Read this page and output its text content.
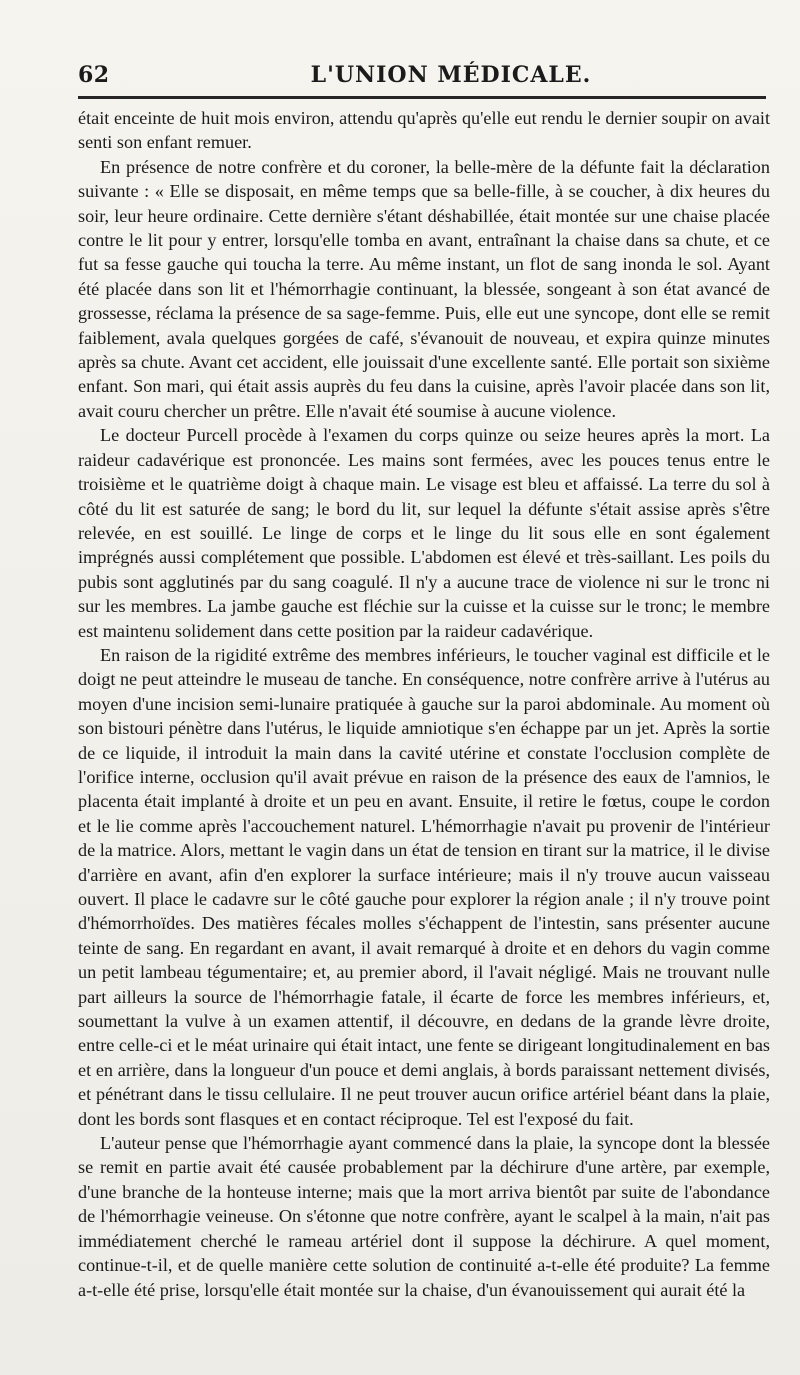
62	L'UNION MÉDICALE.

était enceinte de huit mois environ, attendu qu'après qu'elle eut rendu le dernier soupir on avait senti son enfant remuer.

En présence de notre confrère et du coroner, la belle-mère de la défunte fait la déclaration suivante : « Elle se disposait, en même temps que sa belle-fille, à se coucher, à dix heures du soir, leur heure ordinaire. Cette dernière s'étant déshabillée, était montée sur une chaise placée contre le lit pour y entrer, lorsqu'elle tomba en avant, entraînant la chaise dans sa chute, et ce fut sa fesse gauche qui toucha la terre. Au même instant, un flot de sang inonda le sol. Ayant été placée dans son lit et l'hémorrhagie continuant, la blessée, songeant à son état avancé de grossesse, réclama la présence de sa sage-femme. Puis, elle eut une syncope, dont elle se remit faiblement, avala quelques gorgées de café, s'évanouit de nouveau, et expira quinze minutes après sa chute. Avant cet accident, elle jouissait d'une excellente santé. Elle portait son sixième enfant. Son mari, qui était assis auprès du feu dans la cuisine, après l'avoir placée dans son lit, avait couru chercher un prêtre. Elle n'avait été soumise à aucune violence.

Le docteur Purcell procède à l'examen du corps quinze ou seize heures après la mort. La raideur cadavérique est prononcée. Les mains sont fermées, avec les pouces tenus entre le troisième et le quatrième doigt à chaque main. Le visage est bleu et affaissé. La terre du sol à côté du lit est saturée de sang; le bord du lit, sur lequel la défunte s'était assise après s'être relevée, en est souillé. Le linge de corps et le linge du lit sous elle en sont également imprégnés aussi complétement que possible. L'abdomen est élevé et très-saillant. Les poils du pubis sont agglutinés par du sang coagulé. Il n'y a aucune trace de violence ni sur le tronc ni sur les membres. La jambe gauche est fléchie sur la cuisse et la cuisse sur le tronc; le membre est maintenu solidement dans cette position par la raideur cadavérique.

En raison de la rigidité extrême des membres inférieurs, le toucher vaginal est difficile et le doigt ne peut atteindre le museau de tanche. En conséquence, notre confrère arrive à l'utérus au moyen d'une incision semi-lunaire pratiquée à gauche sur la paroi abdominale. Au moment où son bistouri pénètre dans l'utérus, le liquide amniotique s'en échappe par un jet. Après la sortie de ce liquide, il introduit la main dans la cavité utérine et constate l'occlusion complète de l'orifice interne, occlusion qu'il avait prévue en raison de la présence des eaux de l'amnios, le placenta était implanté à droite et un peu en avant. Ensuite, il retire le fœtus, coupe le cordon et le lie comme après l'accouchement naturel. L'hémorrhagie n'avait pu provenir de l'intérieur de la matrice. Alors, mettant le vagin dans un état de tension en tirant sur la matrice, il le divise d'arrière en avant, afin d'en explorer la surface intérieure; mais il n'y trouve aucun vaisseau ouvert. Il place le cadavre sur le côté gauche pour explorer la région anale ; il n'y trouve point d'hémorrhoïdes. Des matières fécales molles s'échappent de l'intestin, sans présenter aucune teinte de sang. En regardant en avant, il avait remarqué à droite et en dehors du vagin comme un petit lambeau tégumentaire; et, au premier abord, il l'avait négligé. Mais ne trouvant nulle part ailleurs la source de l'hémorrhagie fatale, il écarte de force les membres inférieurs, et, soumettant la vulve à un examen attentif, il découvre, en dedans de la grande lèvre droite, entre celle-ci et le méat urinaire qui était intact, une fente se dirigeant longitudinalement en bas et en arrière, dans la longueur d'un pouce et demi anglais, à bords paraissant nettement divisés, et pénétrant dans le tissu cellulaire. Il ne peut trouver aucun orifice artériel béant dans la plaie, dont les bords sont flasques et en contact réciproque. Tel est l'exposé du fait.

L'auteur pense que l'hémorrhagie ayant commencé dans la plaie, la syncope dont la blessée se remit en partie avait été causée probablement par la déchirure d'une artère, par exemple, d'une branche de la honteuse interne; mais que la mort arriva bientôt par suite de l'abondance de l'hémorrhagie veineuse. On s'étonne que notre confrère, ayant le scalpel à la main, n'ait pas immédiatement cherché le rameau artériel dont il suppose la déchirure. A quel moment, continue-t-il, et de quelle manière cette solution de continuité a-t-elle été produite? La femme a-t-elle été prise, lorsqu'elle était montée sur la chaise, d'un évanouissement qui aurait été la
